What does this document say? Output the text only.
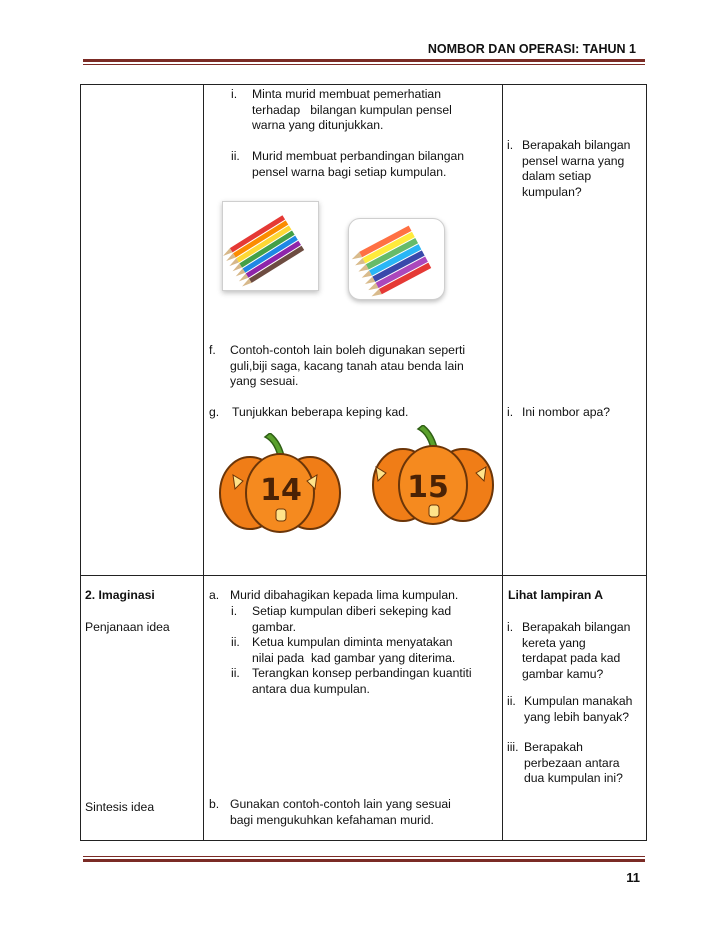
NOMBOR DAN OPERASI: TAHUN 1
i. Minta murid membuat pemerhatian
terhadap   bilangan kumpulan pensel
warna yang ditunjukkan.
ii. Murid membuat perbandingan bilangan
pensel warna bagi setiap kumpulan.
f. Contoh-contoh lain boleh digunakan seperti
guli,biji saga, kacang tanah atau benda lain
yang sesuai.
g. Tunjukkan beberapa keping kad.
14	15
i. Berapakah bilangan
pensel warna yang
dalam setiap
kumpulan?
i. Ini nombor apa?
2. Imaginasi
Penjanaan idea
Sintesis idea
a. Murid dibahagikan kepada lima kumpulan.
i. Setiap kumpulan diberi sekeping kad
gambar.
ii. Ketua kumpulan diminta menyatakan
nilai pada  kad gambar yang diterima.
ii. Terangkan konsep perbandingan kuantiti
antara dua kumpulan.
b. Gunakan contoh-contoh lain yang sesuai
bagi mengukuhkan kefahaman murid.
Lihat lampiran A
i. Berapakah bilangan
kereta yang
terdapat pada kad
gambar kamu?
ii. Kumpulan manakah
yang lebih banyak?
iii. Berapakah
perbezaan antara
dua kumpulan ini?
11
